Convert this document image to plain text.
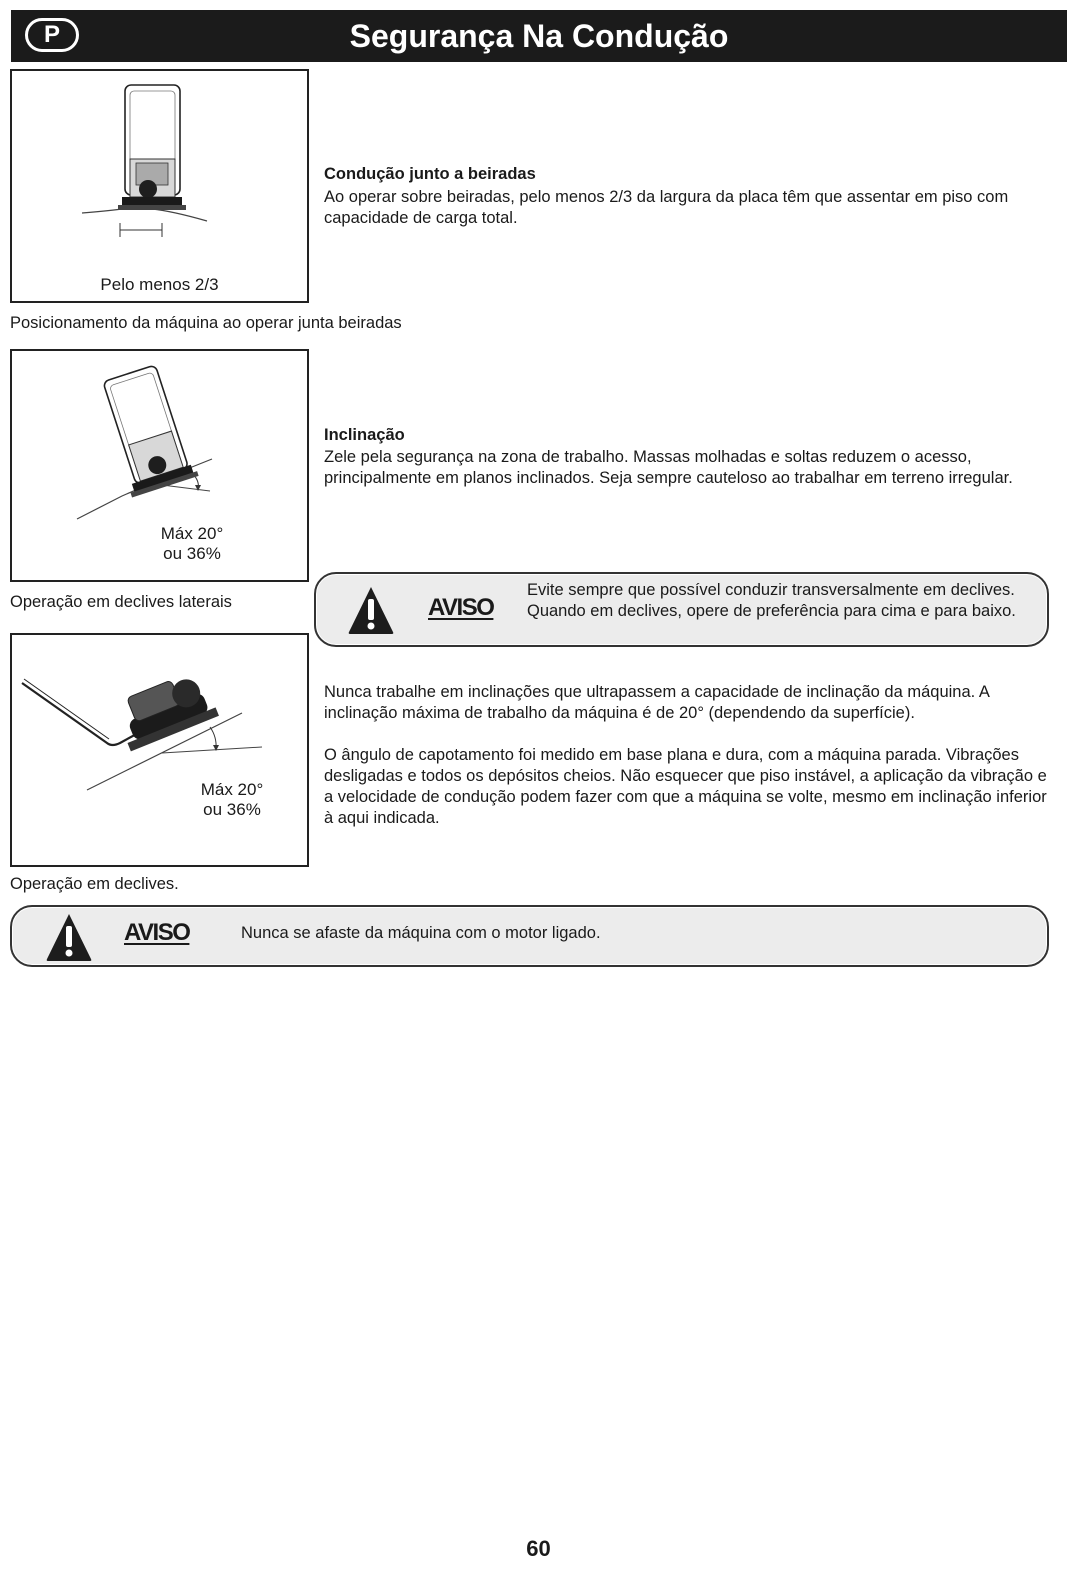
Segurança Na Condução
P
Pelo menos 2/3
Posicionamento da máquina ao operar junta beiradas
Condução junto a beiradas
Ao operar sobre beiradas, pelo menos 2/3 da largura da placa têm que assentar em piso com capacidade de carga total.
Máx 20°
ou 36%
Operação em declives laterais
Inclinação
Zele pela segurança na zona de trabalho. Massas molhadas e soltas reduzem o acesso, principalmente em planos inclinados. Seja sempre cauteloso ao trabalhar em terreno irregular.
AVISO
Evite sempre que possível conduzir transversalmente em declives. Quando em declives, opere de preferência para cima e para baixo.
Máx 20°
ou 36%
Operação em declives.
Nunca trabalhe em inclinações que ultrapassem a capacidade de inclinação da máquina. A inclinação máxima de trabalho da máquina é de 20° (dependendo da superfície).
O ângulo de capotamento foi medido em base plana e dura, com a máquina parada. Vibrações desligadas e todos os depósitos cheios. Não esquecer que piso instável, a aplicação da vibração e a velocidade de condução podem fazer com que a máquina se volte, mesmo em inclinação inferior à aqui indicada.
AVISO	Nunca se afaste da máquina com o motor ligado.
60
